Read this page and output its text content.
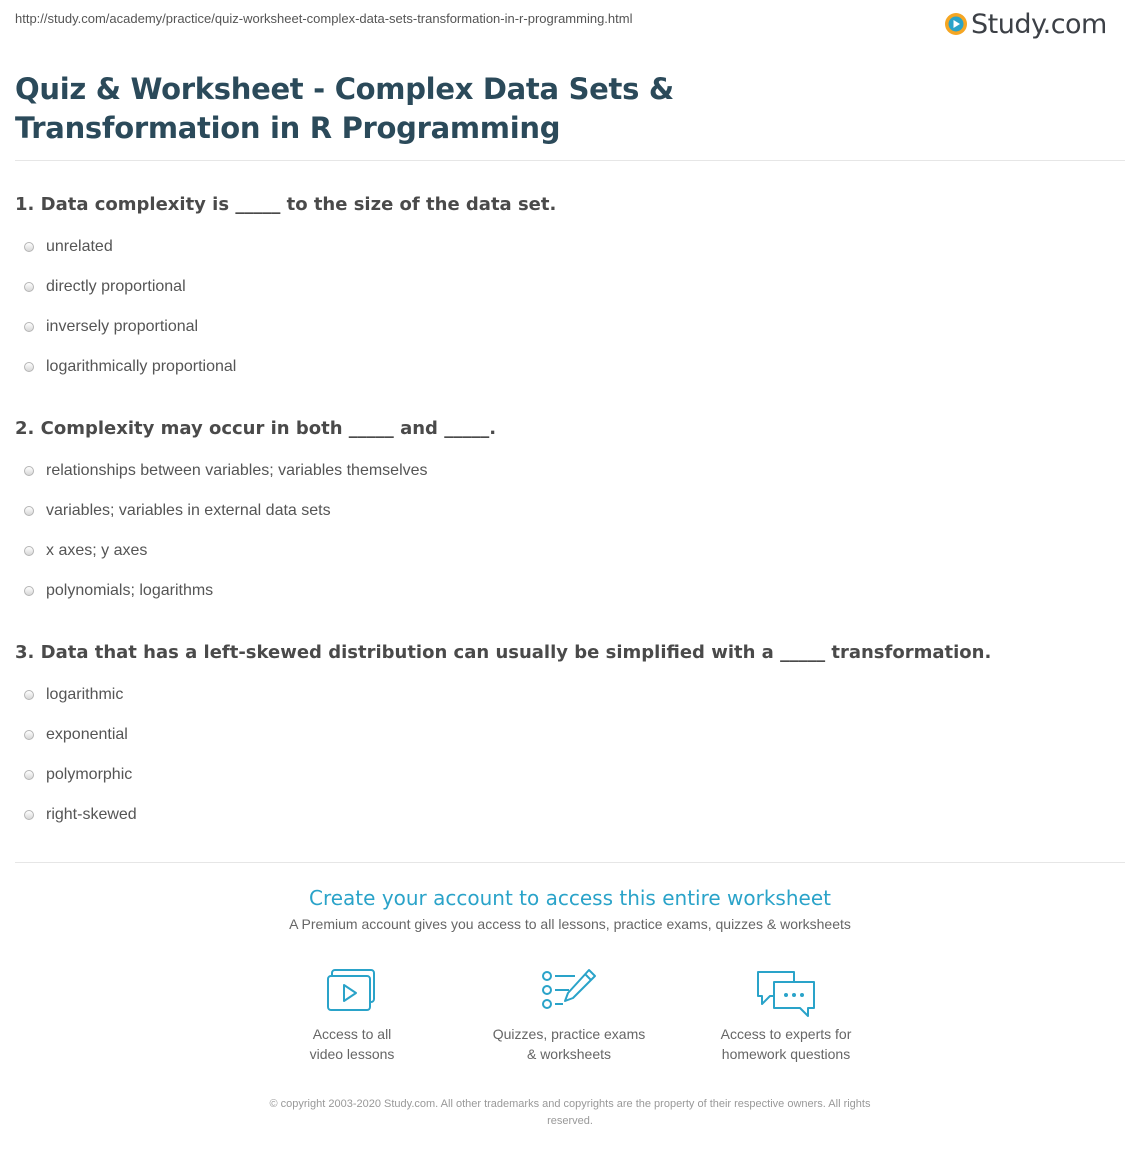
http://study.com/academy/practice/quiz-worksheet-complex-data-sets-transformation-in-r-programming.html	Study.com
Quiz & Worksheet - Complex Data Sets & Transformation in R Programming
1. Data complexity is _____ to the size of the data set.
unrelated
directly proportional
inversely proportional
logarithmically proportional
2. Complexity may occur in both _____ and _____.
relationships between variables; variables themselves
variables; variables in external data sets
x axes; y axes
polynomials; logarithms
3. Data that has a left-skewed distribution can usually be simplified with a _____ transformation.
logarithmic
exponential
polymorphic
right-skewed
Create your account to access this entire worksheet
A Premium account gives you access to all lessons, practice exams, quizzes & worksheets
Access to all
video lessons
Quizzes, practice exams
& worksheets
Access to experts for
homework questions
© copyright 2003-2020 Study.com. All other trademarks and copyrights are the property of their respective owners. All rights
reserved.
